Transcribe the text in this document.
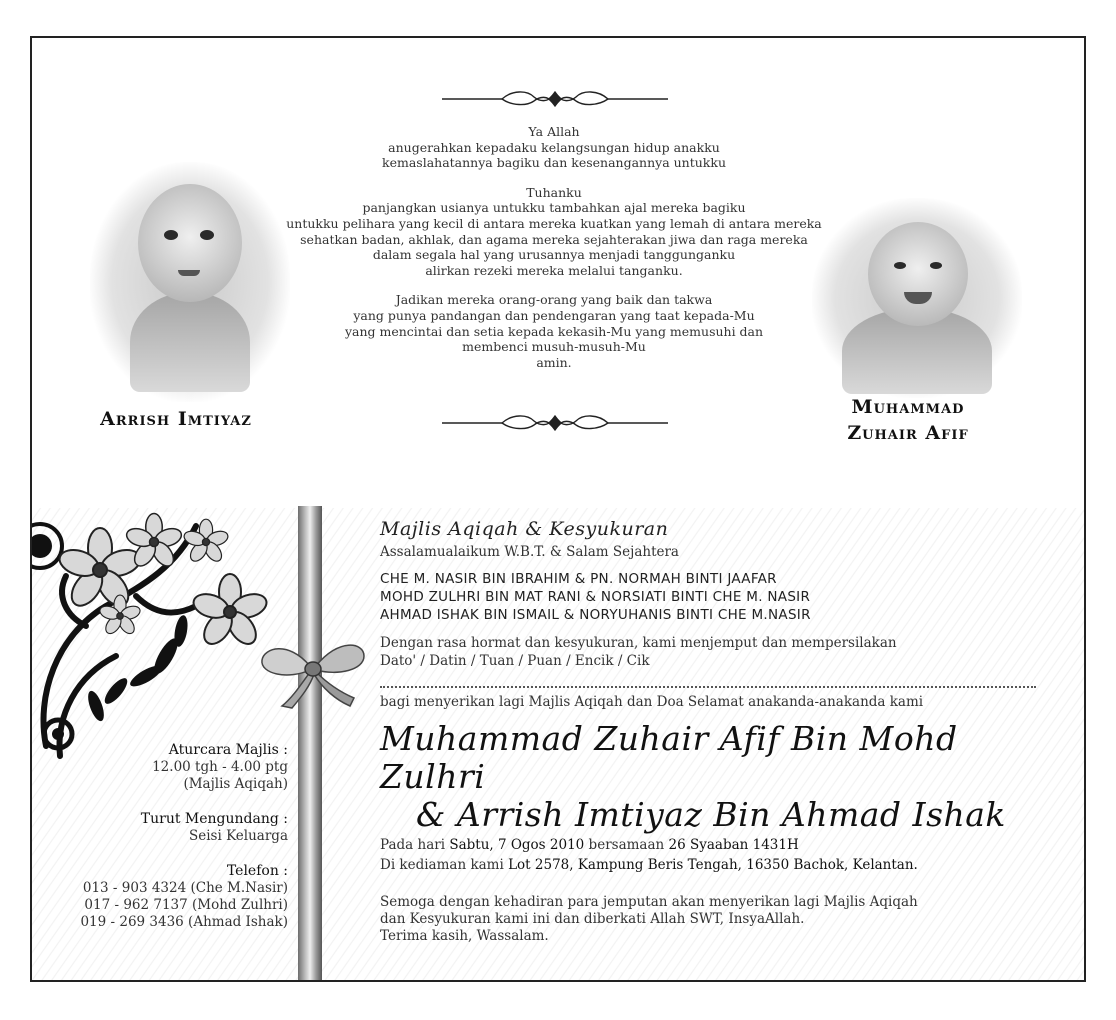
Ya Allah
anugerahkan kepadaku kelangsungan hidup anakku
kemaslahatannya bagiku dan kesenangannya untukku
Tuhanku
panjangkan usianya untukku tambahkan ajal mereka bagiku
untukku pelihara yang kecil di antara mereka kuatkan yang lemah di antara mereka
sehatkan badan, akhlak, dan agama mereka sejahterakan jiwa dan raga mereka
dalam segala hal yang urusannya menjadi tanggunganku
alirkan rezeki mereka melalui tanganku.
Jadikan mereka orang-orang yang baik dan takwa
yang punya pandangan dan pendengaran yang taat kepada-Mu
yang mencintai dan setia kepada kekasih-Mu yang memusuhi dan
membenci musuh-musuh-Mu
amin.
Arrish Imtiyaz
Muhammad
Zuhair Afif
Aturcara Majlis :
12.00 tgh - 4.00 ptg
(Majlis Aqiqah)
Turut Mengundang :
Seisi Keluarga
Telefon :
013 - 903 4324 (Che M.Nasir)
017 - 962 7137 (Mohd Zulhri)
019 - 269 3436 (Ahmad Ishak)
Majlis Aqiqah & Kesyukuran
Assalamualaikum W.B.T. & Salam Sejahtera
CHE M. NASIR BIN IBRAHIM & PN. NORMAH BINTI JAAFAR
MOHD ZULHRI BIN MAT RANI & NORSIATI BINTI CHE M. NASIR
AHMAD ISHAK BIN ISMAIL & NORYUHANIS BINTI CHE M.NASIR
Dengan rasa hormat dan kesyukuran, kami menjemput dan mempersilakan
Dato' / Datin / Tuan / Puan / Encik / Cik
bagi menyerikan lagi Majlis Aqiqah dan Doa Selamat anakanda-anakanda kami
Muhammad Zuhair Afif Bin Mohd Zulhri
& Arrish Imtiyaz Bin Ahmad Ishak
Pada hari Sabtu, 7 Ogos 2010 bersamaan 26 Syaaban 1431H
Di kediaman kami Lot 2578, Kampung Beris Tengah, 16350 Bachok, Kelantan.
Semoga dengan kehadiran para jemputan akan menyerikan lagi Majlis Aqiqah
dan Kesyukuran kami ini dan diberkati Allah SWT, InsyaAllah.
Terima kasih, Wassalam.
